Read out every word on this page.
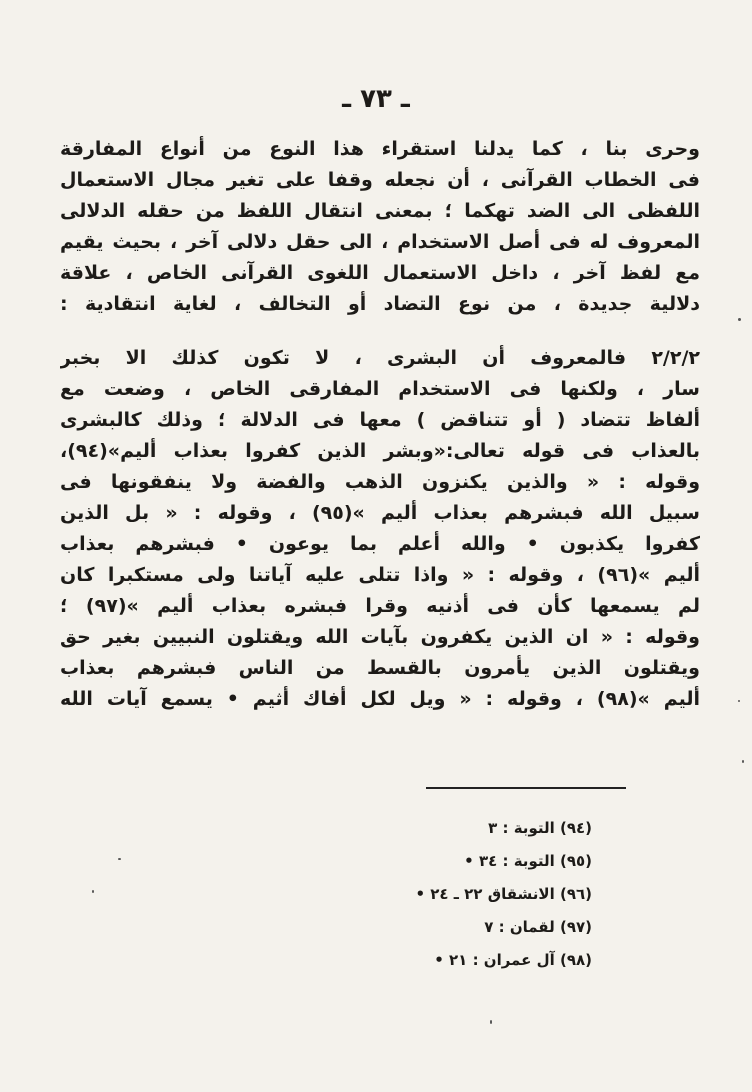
ـ ٧٣ ـ
وحرى بنا ، كما يدلنا استقراء هذا النوع من أنواع المفارقة
فى الخطاب القرآنى ، أن نجعله وقفا على تغير مجال الاستعمال
اللفظى الى الضد تهكما ؛ بمعنى انتقال اللفظ من حقله الدلالى
المعروف له فى أصل الاستخدام ، الى حقل دلالى آخر ، بحيث يقيم
مع لفظ آخر ، داخل الاستعمال اللغوى القرآنى الخاص ، علاقة
دلالية جديدة ، من نوع التضاد أو التخالف ، لغاية انتقادية :
٢/٢/٢ فالمعروف أن البشرى ، لا تكون كذلك الا بخبر
سار ، ولكنها فى الاستخدام المفارقى الخاص ، وضعت مع
ألفاظ تتضاد ( أو تتناقض ) معها فى الدلالة ؛ وذلك كالبشرى
بالعذاب فى قوله تعالى:«وبشر الذين كفروا بعذاب أليم»(٩٤)،
وقوله : « والذين يكنزون الذهب والفضة ولا ينفقونها فى
سبيل الله فبشرهم بعذاب أليم »(٩٥) ، وقوله : « بل الذين
كفروا يكذبون • والله أعلم بما يوعون • فبشرهم بعذاب
أليم »(٩٦) ، وقوله : « واذا تتلى عليه آياتنا ولى مستكبرا كان
لم يسمعها كأن فى أذنيه وقرا فبشره بعذاب أليم »(٩٧) ؛
وقوله : « ان الذين يكفرون بآيات الله ويقتلون النبيين بغير حق
ويقتلون الذين يأمرون بالقسط من الناس فبشرهم بعذاب
أليم »(٩٨) ، وقوله : « ويل لكل أفاك أثيم • يسمع آيات الله
(٩٤) التوبة : ٣
(٩٥) التوبة : ٣٤ •
(٩٦) الانشقاق ٢٢ ـ ٢٤ •
(٩٧) لقمان : ٧
(٩٨) آل عمران : ٢١ •
